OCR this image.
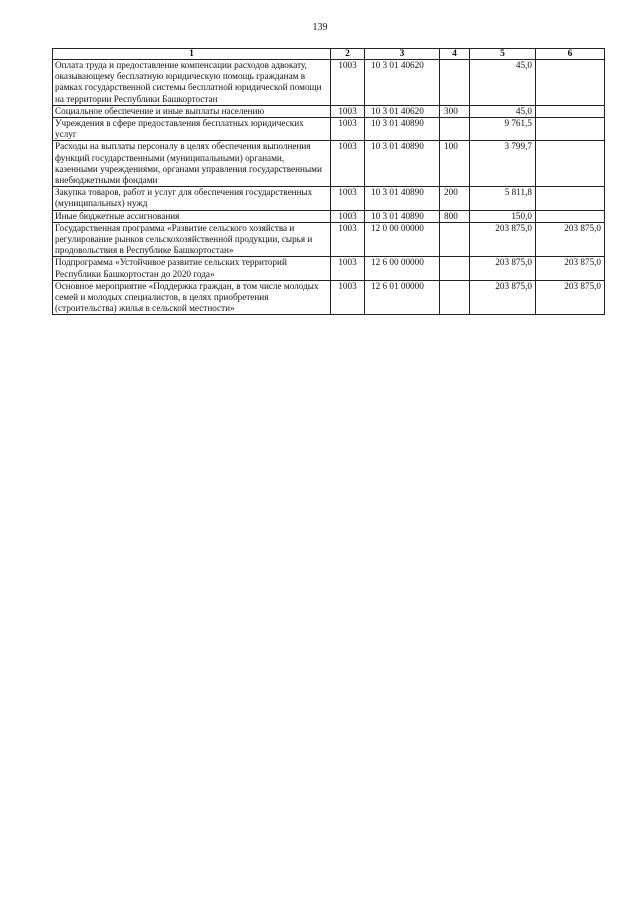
139
1	2	3	4	5	6
Оплата труда и предоставление компенсации расходов адвокату, оказывающему бесплатную юридическую помощь гражданам в рамках государственной системы бесплатной юридической помощи на территории Республики Башкортостан	1003	10 3 01 40620		45,0	
Социальное обеспечение и иные выплаты населению	1003	10 3 01 40620	300	45,0	
Учреждения в сфере предоставления бесплатных юридических услуг	1003	10 3 01 40890		9 761,5	
Расходы на выплаты персоналу в целях обеспечения выполнения функций государственными (муниципальными) органами, казенными учреждениями, органами управления государственными внебюджетными фондами	1003	10 3 01 40890	100	3 799,7	
Закупка товаров, работ и услуг для обеспечения государственных (муниципальных) нужд	1003	10 3 01 40890	200	5 811,8	
Иные бюджетные ассигнования	1003	10 3 01 40890	800	150,0	
Государственная программа «Развитие сельского хозяйства и регулирование рынков сельскохозяйственной продукции, сырья и продовольствия в Республике Башкортостан»	1003	12 0 00 00000		203 875,0	203 875,0
Подпрограмма «Устойчивое развитие сельских территорий Республики Башкортостан до 2020 года»	1003	12 6 00 00000		203 875,0	203 875,0
Основное мероприятие «Поддержка граждан, в том числе молодых семей и молодых специалистов, в целях приобретения (строительства) жилья в сельской местности»	1003	12 6 01 00000		203 875,0	203 875,0
